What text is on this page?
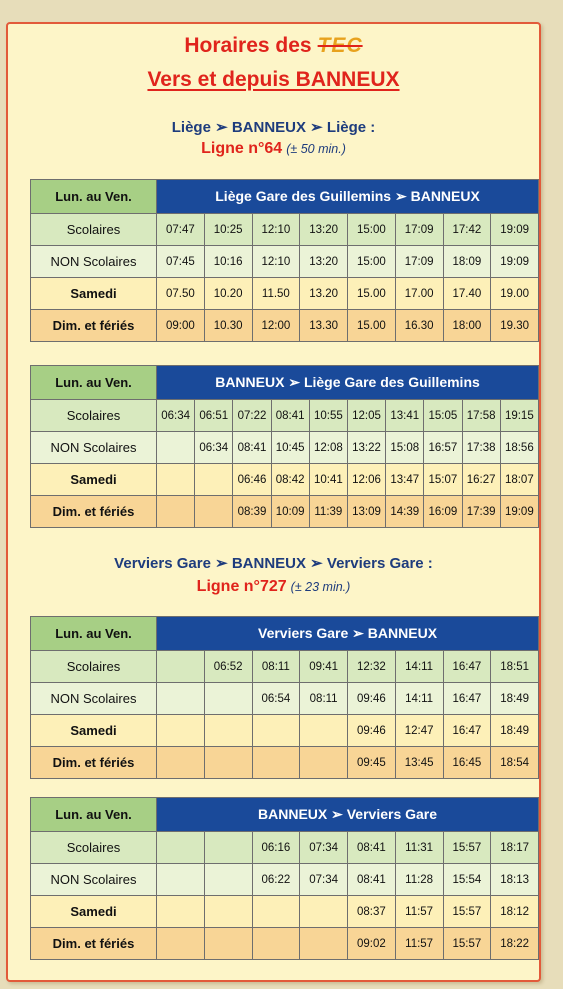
Horaires des TEC
Vers et depuis BANNEUX
Liège ➢ BANNEUX ➢ Liège :
Ligne n°64 (± 50 min.)
Verviers Gare ➢ BANNEUX ➢ Verviers Gare :
Ligne n°727 (± 23 min.)
Lun. au Ven.	Liège Gare des Guillemins ➢ BANNEUX							
Scolaires	07:47	10:25	12:10	13:20	15:00	17:09	17:42	19:09
NON Scolaires	07:45	10:16	12:10	13:20	15:00	17:09	18:09	19:09
Samedi	07.50	10.20	11.50	13.20	15.00	17.00	17.40	19.00
Dim. et fériés	09:00	10.30	12:00	13.30	15.00	16.30	18:00	19.30
Lun. au Ven.	BANNEUX ➢ Liège Gare des Guillemins									
Scolaires	06:34	06:51	07:22	08:41	10:55	12:05	13:41	15:05	17:58	19:15
NON Scolaires		06:34	08:41	10:45	12:08	13:22	15:08	16:57	17:38	18:56
Samedi			06:46	08:42	10:41	12:06	13:47	15:07	16:27	18:07
Dim. et fériés			08:39	10:09	11:39	13:09	14:39	16:09	17:39	19:09
Lun. au Ven.	Verviers Gare ➢ BANNEUX							
Scolaires		06:52	08:11	09:41	12:32	14:11	16:47	18:51
NON Scolaires			06:54	08:11	09:46	14:11	16:47	18:49
Samedi					09:46	12:47	16:47	18:49
Dim. et fériés					09:45	13:45	16:45	18:54
Lun. au Ven.	BANNEUX ➢ Verviers Gare							
Scolaires			06:16	07:34	08:41	11:31	15:57	18:17
NON Scolaires			06:22	07:34	08:41	11:28	15:54	18:13
Samedi					08:37	11:57	15:57	18:12
Dim. et fériés					09:02	11:57	15:57	18:22
